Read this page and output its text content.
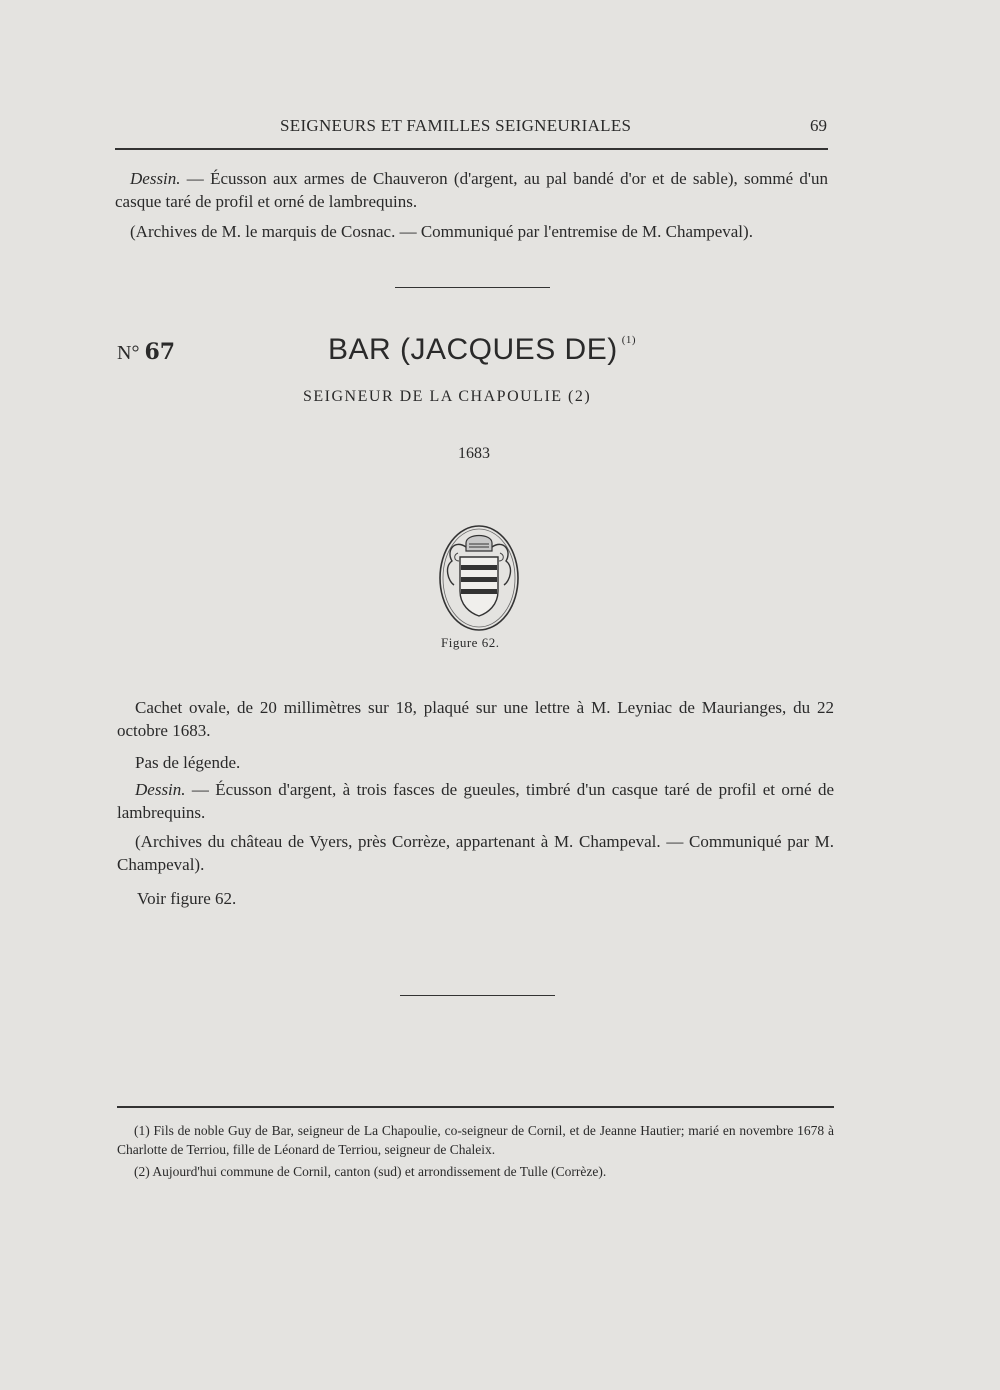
SEIGNEURS ET FAMILLES SEIGNEURIALES	69
Dessin. — Écusson aux armes de Chauveron (d'argent, au pal bandé d'or et de sable), sommé d'un casque taré de profil et orné de lambrequins.
(Archives de M. le marquis de Cosnac. — Communiqué par l'entremise de M. Champeval).
N° 67	BAR (JACQUES DE) $^{(1)}$
SEIGNEUR DE LA CHAPOULIE (2)
1683
Figure 62.
Cachet ovale, de 20 millimètres sur 18, plaqué sur une lettre à M. Leyniac de Maurianges, du 22 octobre 1683.
Pas de légende.
Dessin. — Écusson d'argent, à trois fasces de gueules, timbré d'un casque taré de profil et orné de lambrequins.
(Archives du château de Vyers, près Corrèze, appartenant à M. Champeval. — Communiqué par M. Champeval).
Voir figure 62.
(1) Fils de noble Guy de Bar, seigneur de La Chapoulie, co-seigneur de Cornil, et de Jeanne Hautier; marié en novembre 1678 à Charlotte de Terriou, fille de Léonard de Terriou, seigneur de Chaleix.
(2) Aujourd'hui commune de Cornil, canton (sud) et arrondissement de Tulle (Corrèze).
